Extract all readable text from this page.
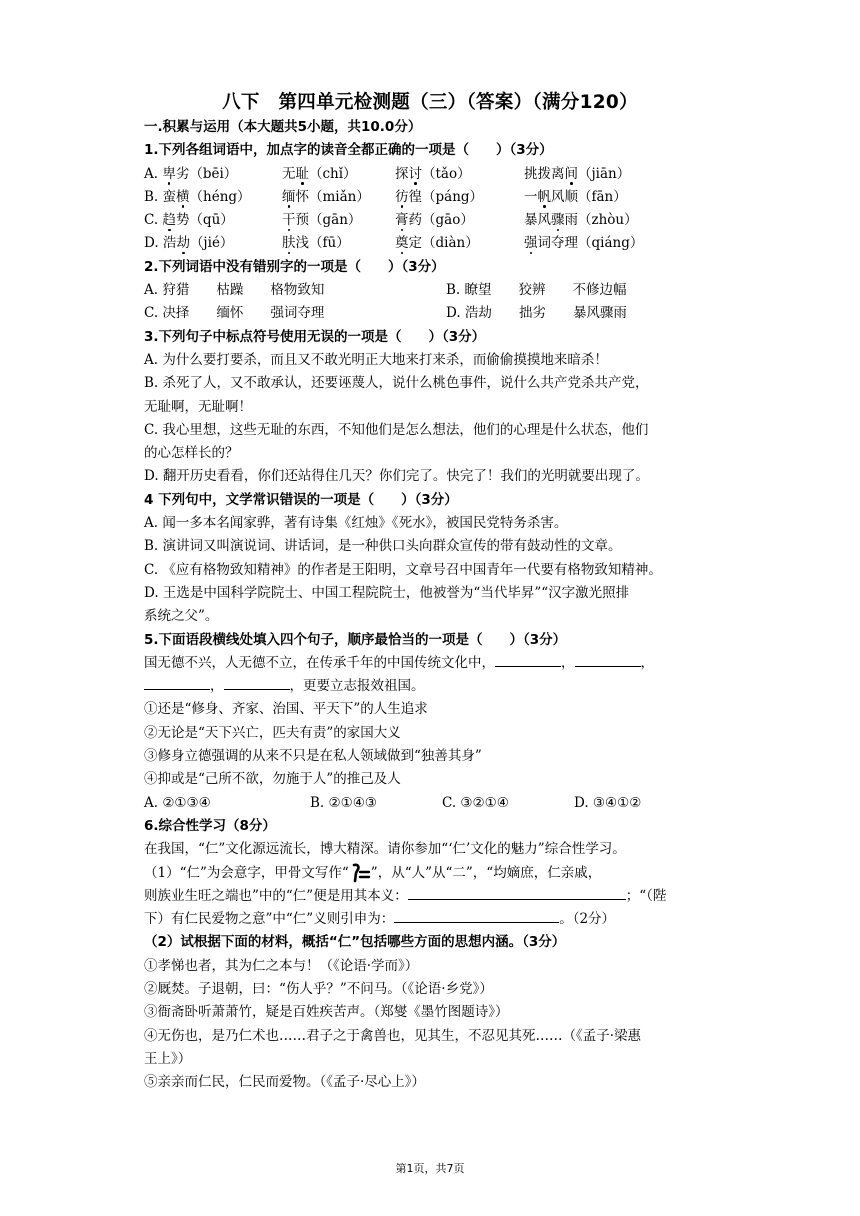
八下　第四单元检测题（三）（答案）（满分120）
一.积累与运用（本大题共5小题，共10.0分）
1.下列各组词语中，加点字的读音全都正确的一项是（　　）（3分）
A. 卑劣（bēi）	无耻（chǐ）	探讨（tǎo）	挑拨离间（jiān）
B. 蛮横（héng） 缅怀（miǎn） 彷徨（páng）	一帆风顺（fān）
C. 趋势（qū）	干预（gān） 膏药（gāo）	暴风骤雨（zhòu）
D. 浩劫（jié）	肤浅（fū）	奠定（diàn）	强词夺理（qiáng）
2.下列词语中没有错别字的一项是（　　）（3分）
A. 狩猎　　 枯躁　　 格物致知	B. 瞭望　　 狡辨　　 不修边幅
C. 决择　　 缅怀　　 强词夺理	D. 浩劫　　 拙劣　　 暴风骤雨
3.下列句子中标点符号使用无误的一项是（　　）（3分）
A. 为什么要打要杀，而且又不敢光明正大地来打来杀，而偷偷摸摸地来暗杀！
B. 杀死了人，又不敢承认，还要诬蔑人，说什么桃色事件，说什么共产党杀共产党，
无耻啊，无耻啊！
C. 我心里想，这些无耻的东西，不知他们是怎么想法，他们的心理是什么状态，他们
的心怎样长的？
D. 翻开历史看看，你们还站得住几天？你们完了。快完了！我们的光明就要出现了。
4 下列句中，文学常识错误的一项是（　　）（3分）
A. 闻一多本名闻家骅，著有诗集《红烛》《死水》，被国民党特务杀害。
B. 演讲词又叫演说词、讲话词，是一种供口头向群众宣传的带有鼓动性的文章。
C. 《应有格物致知精神》的作者是王阳明，文章号召中国青年一代要有格物致知精神。
D. 王选是中国科学院院士、中国工程院院士，他被誉为“当代毕昇”“汉字激光照排
系统之父”。
5.下面语段横线处填入四个句子，顺序最恰当的一项是（　　）（3分）
国无德不兴，人无德不立，在传承千年的中国传统文化中，	，	，
，	，更要立志报效祖国。
①还是“修身、齐家、治国、平天下”的人生追求
②无论是“天下兴亡，匹夫有责”的家国大义
③修身立德强调的从来不只是在私人领域做到“独善其身”
④抑或是“己所不欲，勿施于人”的推己及人
A. ②①③④	B. ②①④③	C. ③②①④	D. ③④①②
6.综合性学习（8分）
在我国，“仁”文化源远流长，博大精深。请你参加“‘仁’文化的魅力”综合性学习。
（1）“仁”为会意字，甲骨文写作“ ”，从“人”从“二”，“均嫡庶，仁亲戚，
则族业生旺之端也”中的“仁”便是用其本义：	；“（陛
下）有仁民爱物之意”中“仁”义则引申为：	。（2分）
（2）试根据下面的材料，概括“仁”包括哪些方面的思想内涵。（3分）
①孝悌也者，其为仁之本与！（《论语·学而》）
②厩焚。子退朝，曰：“伤人乎？”不问马。（《论语·乡党》）
③衙斋卧听萧萧竹，疑是百姓疾苦声。（郑燮《墨竹图题诗》）
④无伤也，是乃仁术也……君子之于禽兽也，见其生，不忍见其死……（《孟子·梁惠
王上》）
⑤亲亲而仁民，仁民而爱物。（《孟子·尽心上》）
第1页，共7页
